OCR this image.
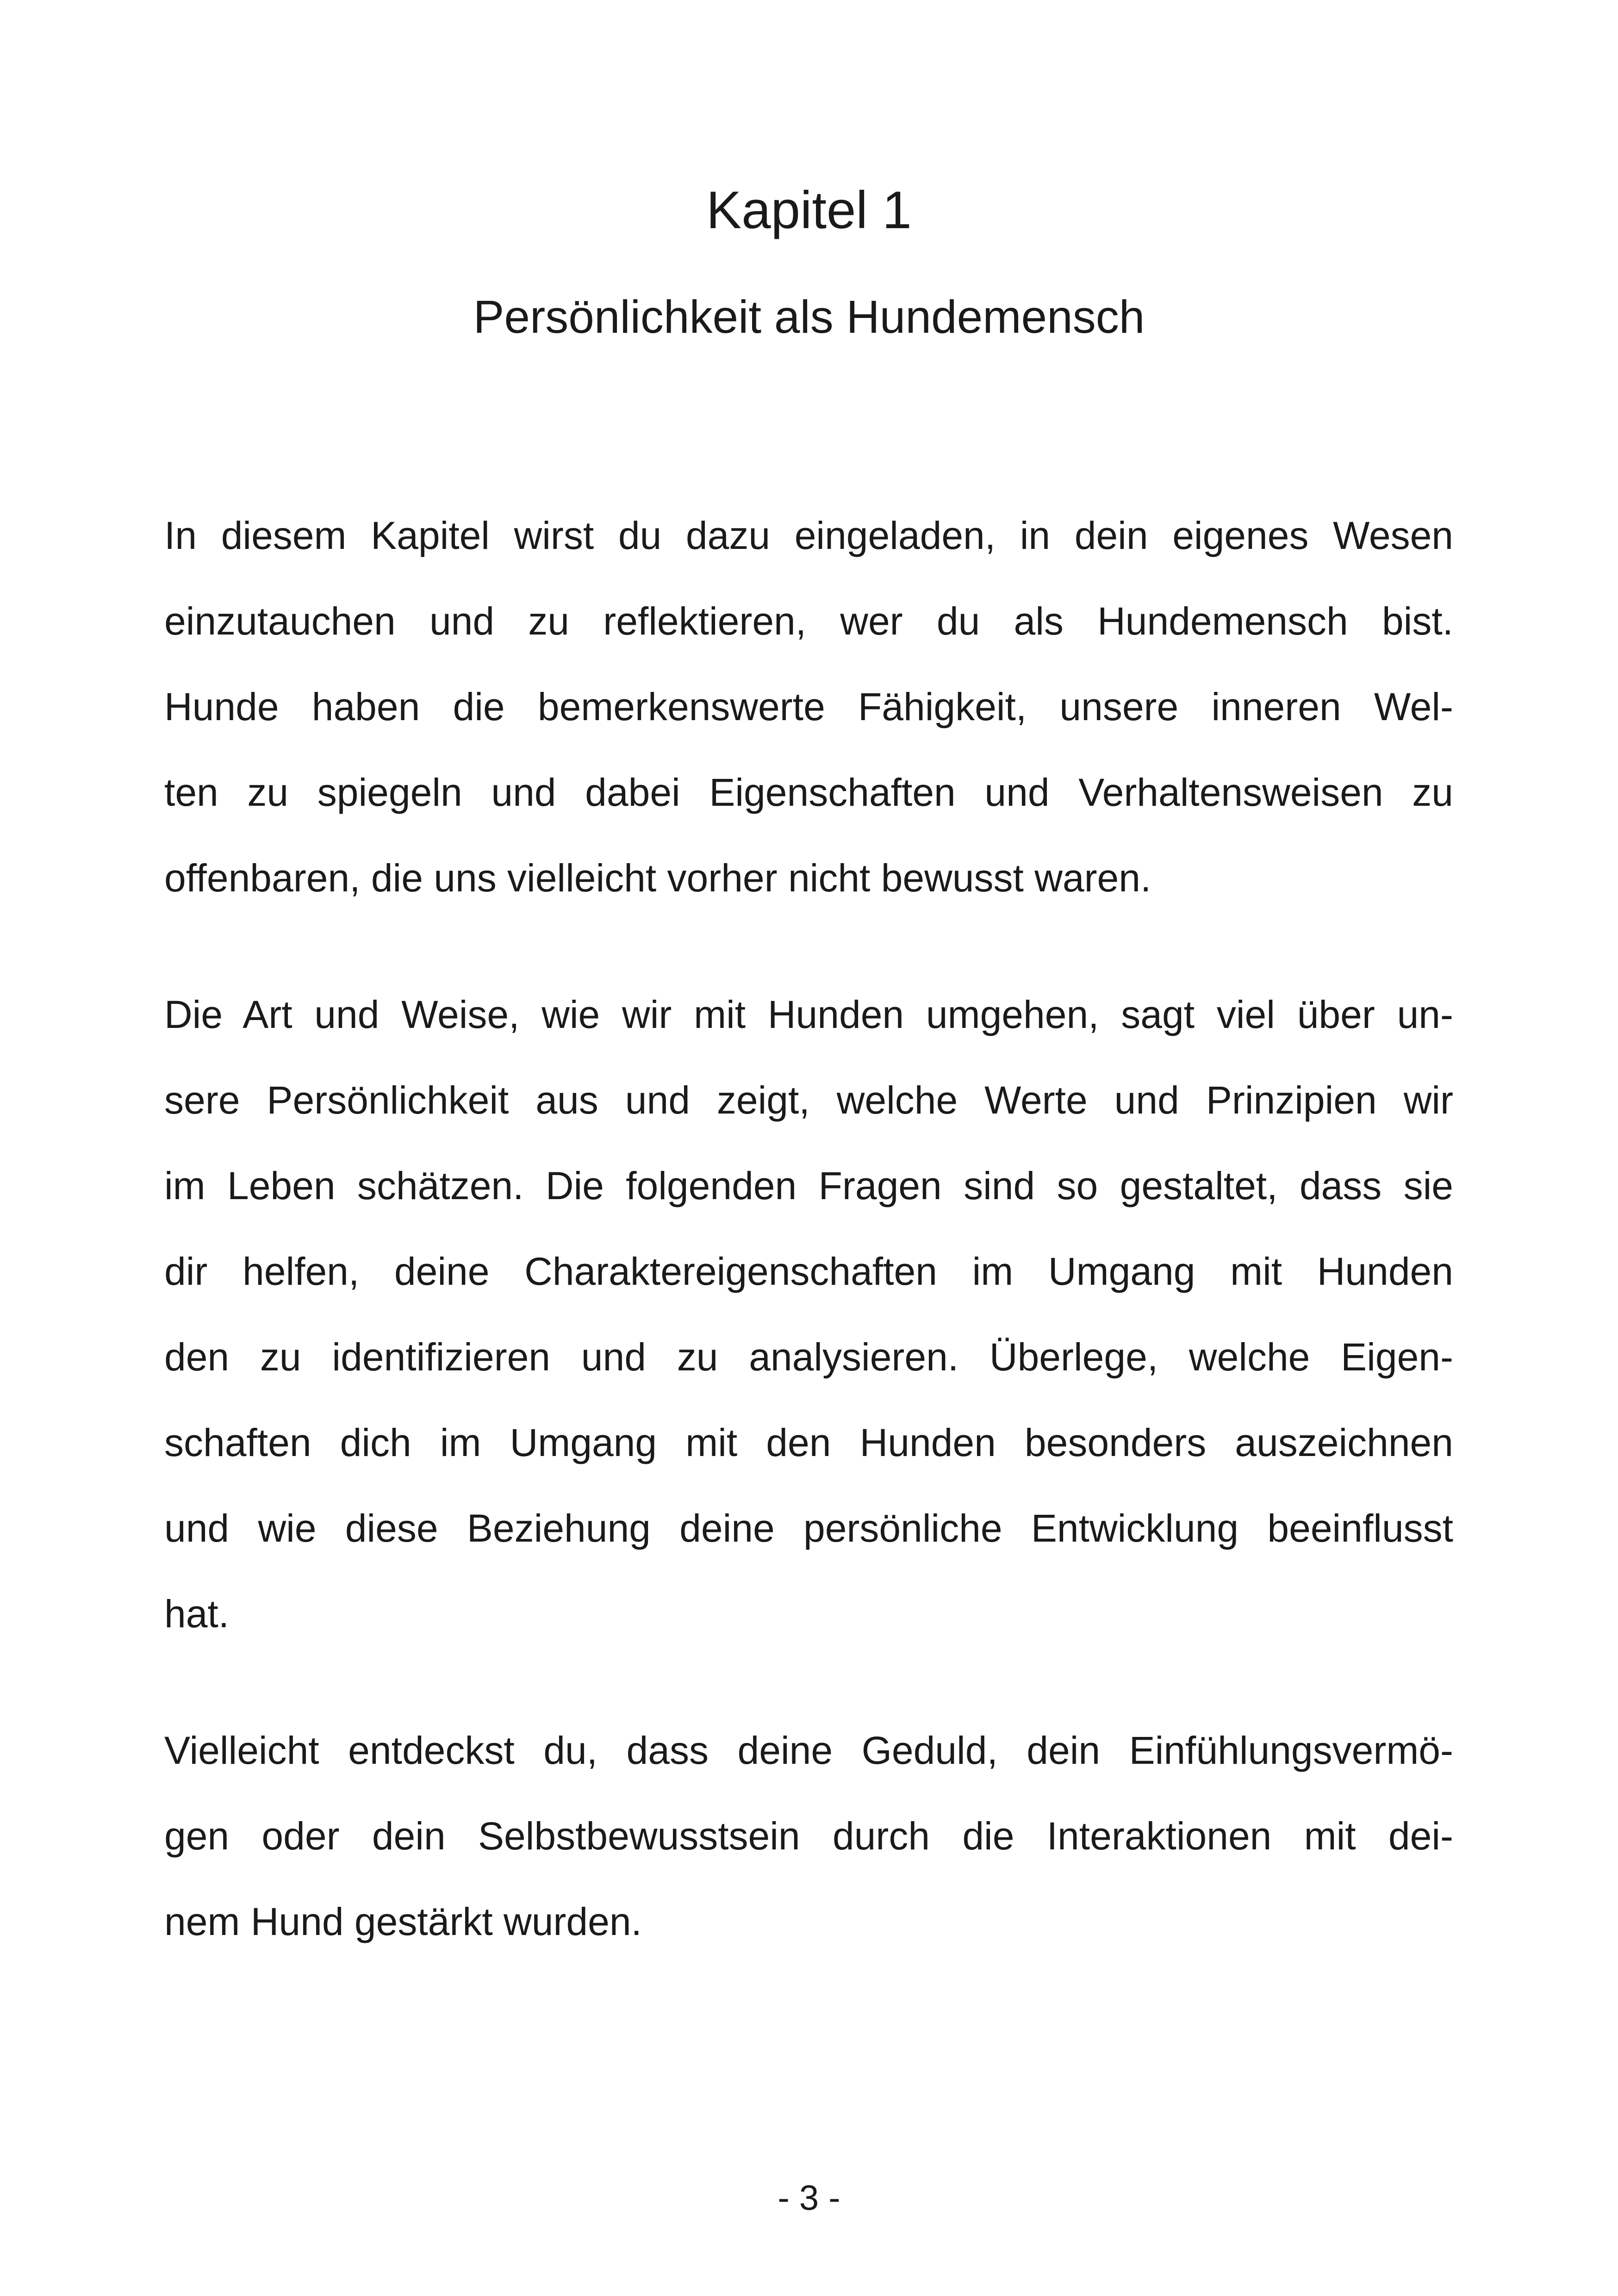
Kapitel 1
Persönlichkeit als Hundemensch

In diesem Kapitel wirst du dazu eingeladen, in dein eigenes Wesen
einzutauchen und zu reflektieren, wer du als Hundemensch bist.
Hunde haben die bemerkenswerte Fähigkeit, unsere inneren Wel-
ten zu spiegeln und dabei Eigenschaften und Verhaltensweisen zu
offenbaren, die uns vielleicht vorher nicht bewusst waren.

Die Art und Weise, wie wir mit Hunden umgehen, sagt viel über un-
sere Persönlichkeit aus und zeigt, welche Werte und Prinzipien wir
im Leben schätzen. Die folgenden Fragen sind so gestaltet, dass sie
dir helfen, deine Charaktereigenschaften im Umgang mit Hunden
den zu identifizieren und zu analysieren. Überlege, welche Eigen-
schaften dich im Umgang mit den Hunden besonders auszeichnen
und wie diese Beziehung deine persönliche Entwicklung beeinflusst
hat.

Vielleicht entdeckst du, dass deine Geduld, dein Einfühlungsvermö-
gen oder dein Selbstbewusstsein durch die Interaktionen mit dei-
nem Hund gestärkt wurden.

- 3 -
